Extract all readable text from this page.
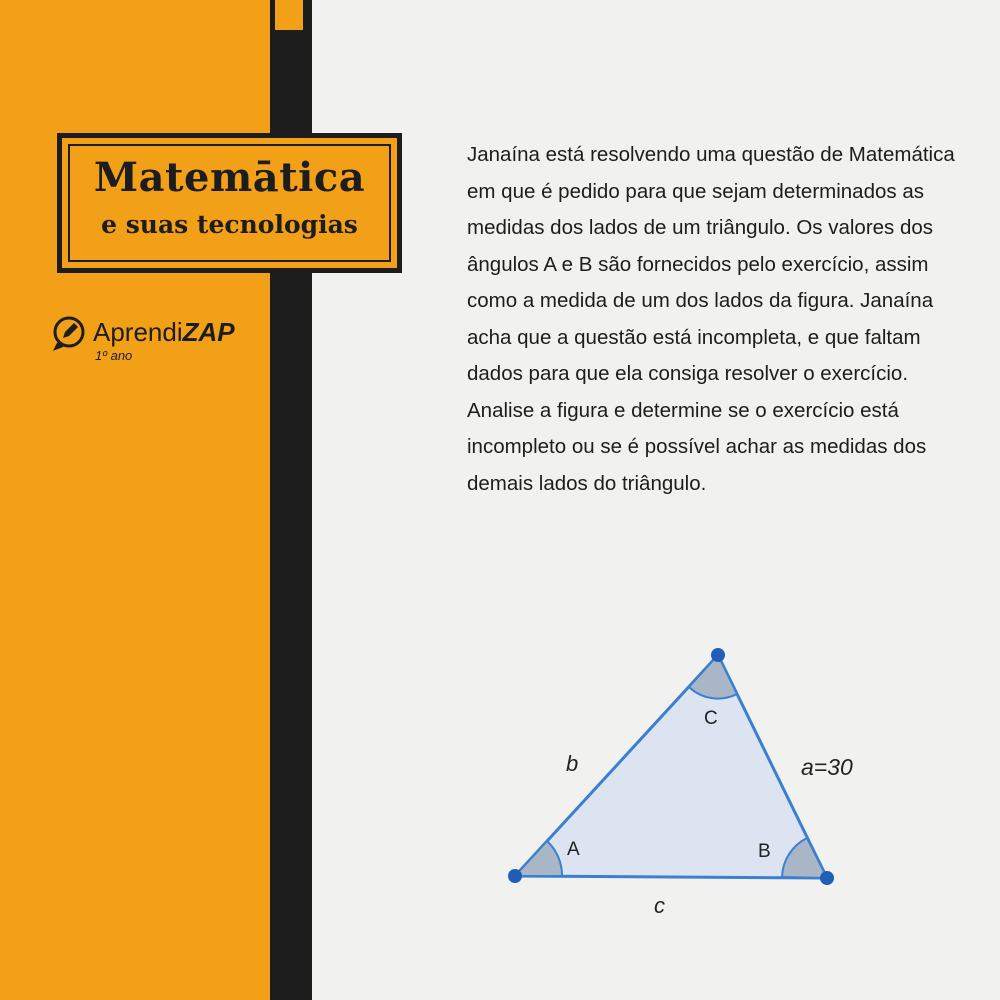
Matemātica
e suas tecnologias
AprendiZAP
1º ano

Janaína está resolvendo uma questão de Matemática em que é pedido para que sejam determinados as medidas dos lados de um triângulo. Os valores dos ângulos A e B são fornecidos pelo exercício, assim como a medida de um dos lados da figura. Janaína acha que a questão está incompleta, e que faltam dados para que ela consiga resolver o exercício. Analise a figura e determine se o exercício está incompleto ou se é possível achar as medidas dos demais lados do triângulo.

A	B
C
b	a=30
c
